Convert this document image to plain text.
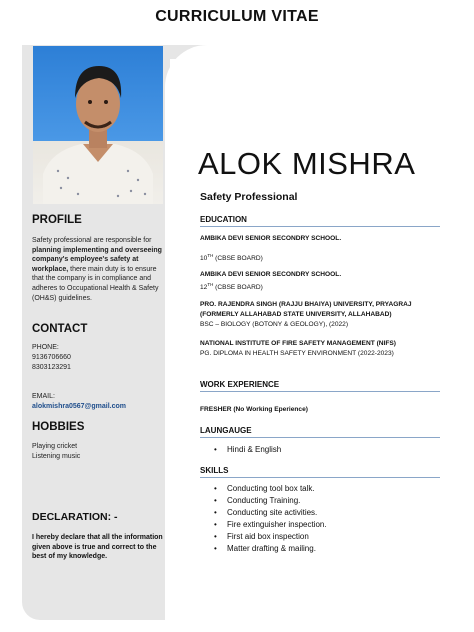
CURRICULUM VITAE
PROFILE
Safety professional are responsible for planning implementing and overseeing company's employee's safety at workplace, there main duty is to ensure that the company is in compliance and adheres to Occupational Health & Safety (OH&S) guidelines.
CONTACT
PHONE:
9136706660
8303123291
EMAIL:
alokmishra0567@gmail.com
HOBBIES
Playing cricket
Listening music
DECLARATION: -
I hereby declare that all the information given above is true and correct to the best of my knowledge.
ALOK MISHRA
Safety Professional
EDUCATION
AMBIKA DEVI SENIOR SECONDRY SCHOOL.
10TH (CBSE BOARD)
AMBIKA DEVI SENIOR SECONDRY SCHOOL.
12TH (CBSE BOARD)
PRO. RAJENDRA SINGH (RAJJU BHAIYA) UNIVERSITY, PRYAGRAJ
(FORMERLY ALLAHABAD STATE UNIVERSITY, ALLAHABAD)
BSC – BIOLOGY (BOTONY & GEOLOGY), (2022)
NATIONAL INSTITUTE OF FIRE SAFETY MANAGEMENT (NIFS)
PG. DIPLOMA IN HEALTH SAFETY ENVIRONMENT (2022-2023)
WORK EXPERIENCE
FRESHER (No Working Eperience)
LAUNGAUGE
• Hindi & English
SKILLS
• Conducting tool box talk.
• Conducting Training.
• Conducting site activities.
• Fire extinguisher inspection.
• First aid box inspection
• Matter drafting & mailing.
